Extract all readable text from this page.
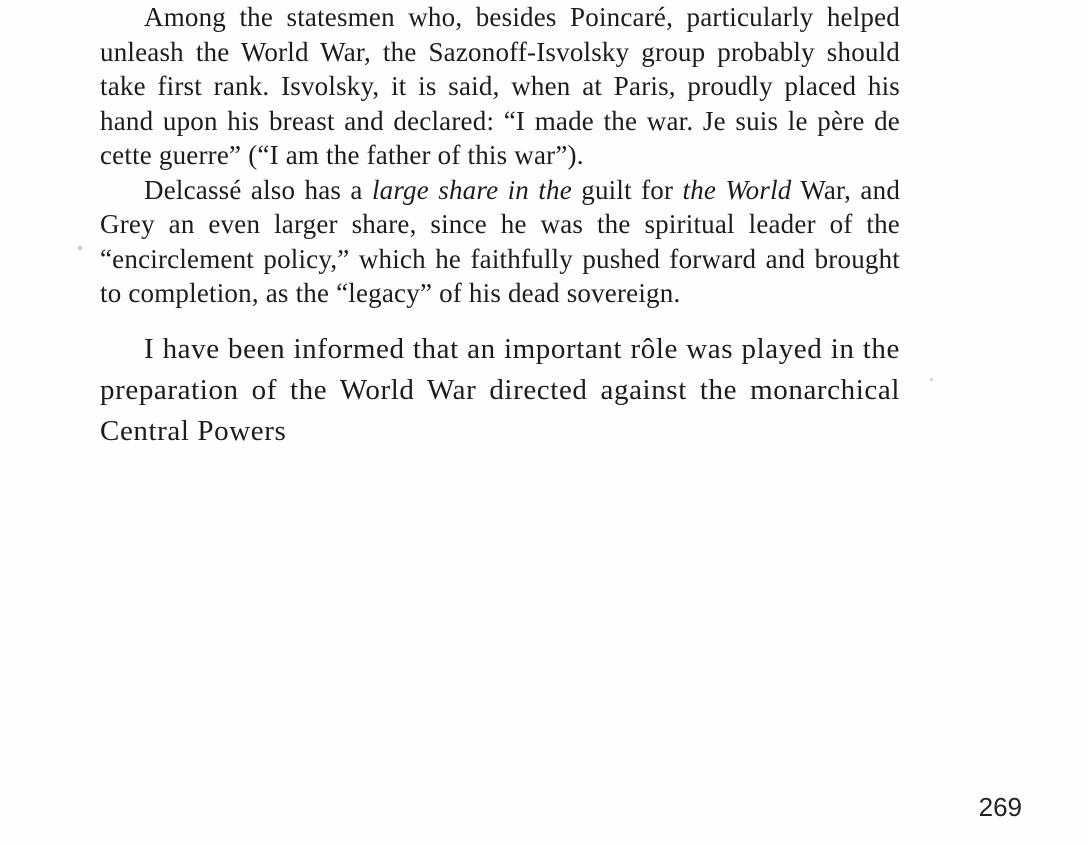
Among the statesmen who, besides Poincaré, particularly helped unleash the World War, the Sazonoff-Isvolsky group probably should take first rank. Isvolsky, it is said, when at Paris, proudly placed his hand upon his breast and declared: “I made the war. Je suis le père de cette guerre” (“I am the father of this war”).

Delcassé also has a large share in the guilt for the World War, and Grey an even larger share, since he was the spiritual leader of the “encirclement policy,” which he faithfully pushed forward and brought to completion, as the “legacy” of his dead sovereign.

I have been informed that an important rôle was played in the preparation of the World War directed against the monarchical Central Powers

269
